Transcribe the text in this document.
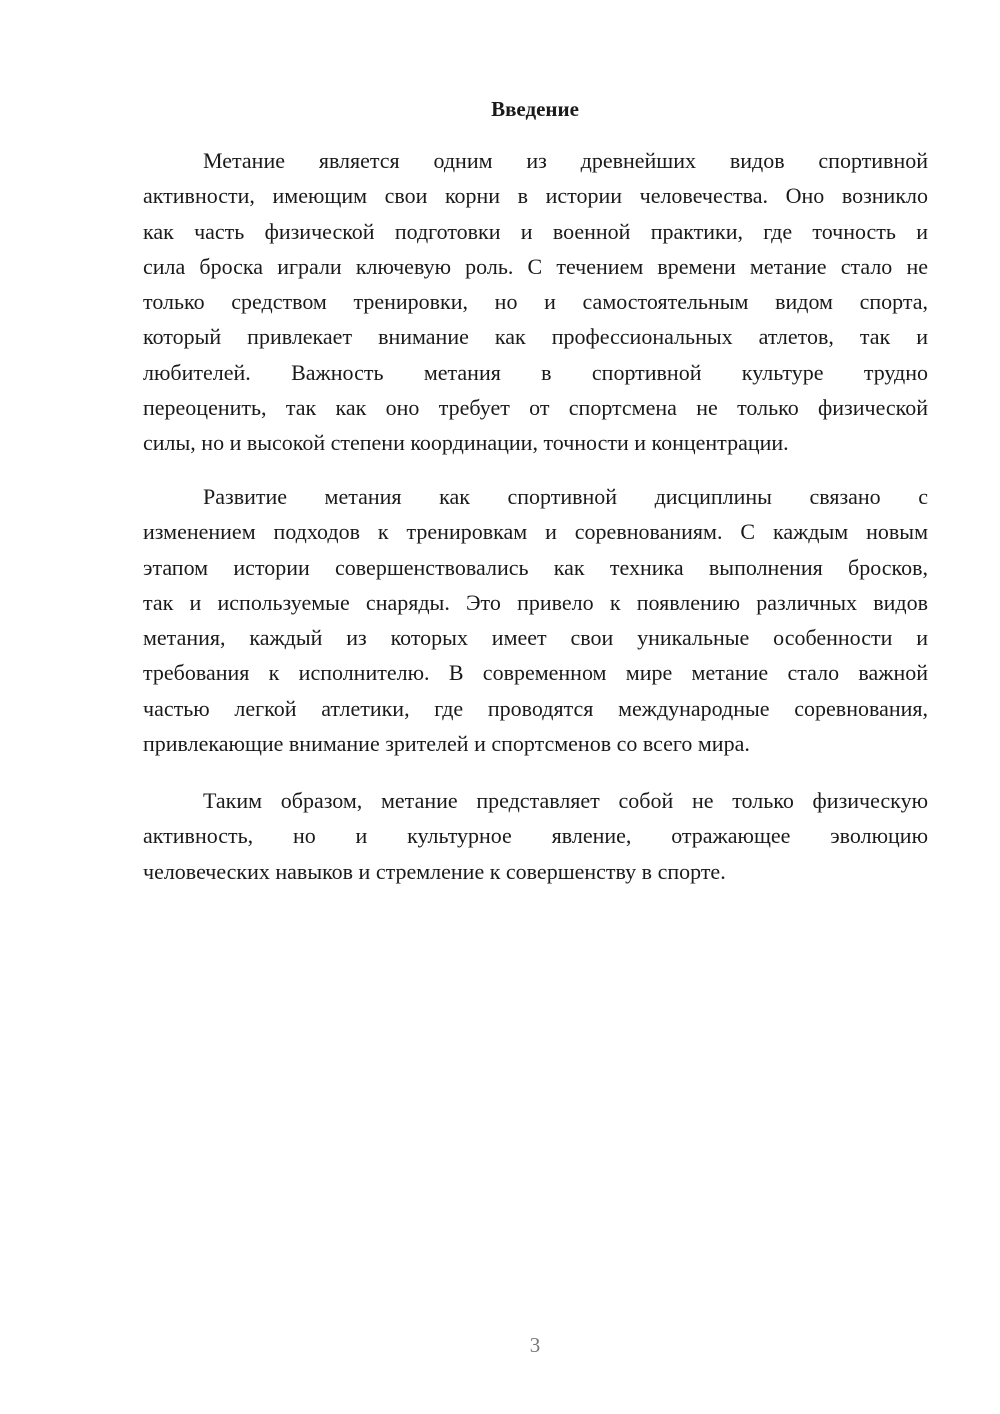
Введение
Метание является одним из древнейших видов спортивной
активности, имеющим свои корни в истории человечества. Оно возникло
как часть физической подготовки и военной практики, где точность и
сила броска играли ключевую роль. С течением времени метание стало не
только средством тренировки, но и самостоятельным видом спорта,
который привлекает внимание как профессиональных атлетов, так и
любителей. Важность метания в спортивной культуре трудно
переоценить, так как оно требует от спортсмена не только физической
силы, но и высокой степени координации, точности и концентрации.
Развитие метания как спортивной дисциплины связано с
изменением подходов к тренировкам и соревнованиям. С каждым новым
этапом истории совершенствовались как техника выполнения бросков,
так и используемые снаряды. Это привело к появлению различных видов
метания, каждый из которых имеет свои уникальные особенности и
требования к исполнителю. В современном мире метание стало важной
частью легкой атлетики, где проводятся международные соревнования,
привлекающие внимание зрителей и спортсменов со всего мира.
Таким образом, метание представляет собой не только физическую
активность, но и культурное явление, отражающее эволюцию
человеческих навыков и стремление к совершенству в спорте.
3
